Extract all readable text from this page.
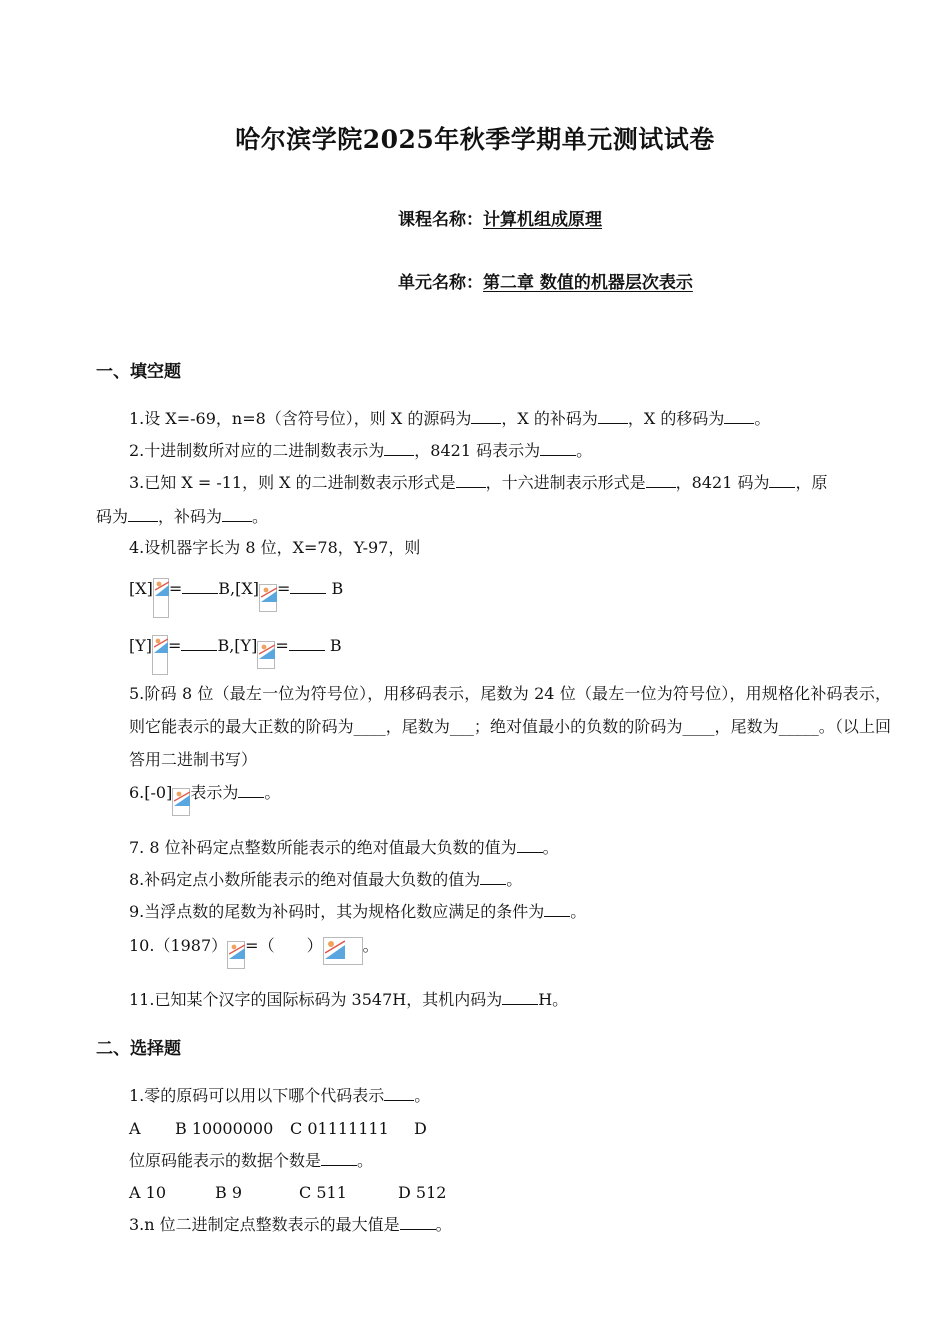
哈尔滨学院2025年秋季学期单元测试试卷
课程名称：计算机组成原理
单元名称：第二章 数值的机器层次表示
一、填空题
1.设 X=-69，n=8（含符号位），则 X 的源码为 ，X 的补码为 ，X 的移码为 。
2.十进制数所对应的二进制数表示为 ，8421 码表示为 。
3.已知 X = -11，则 X 的二进制数表示形式是 ，十六进制表示形式是 ，8421 码为 ，原
码为 ，补码为 。
4.设机器字长为 8 位，X=78，Y-97，则
[X] = B,[X] = B
[Y] = B,[Y] = B
5.阶码 8 位（最左一位为符号位），用移码表示，尾数为 24 位（最左一位为符号位），用规格化补码表示，则它能表示的最大正数的阶码为____，尾数为___；绝对值最小的负数的阶码为____，尾数为_____。（以上回答用二进制书写）
6.[-0] 表示为 。
7. 8 位补码定点整数所能表示的绝对值最大负数的值为 。
8.补码定点小数所能表示的绝对值最大负数的值为 。
9.当浮点数的尾数为补码时，其为规格化数应满足的条件为 。
10.（1987） =（　　）	。
11.已知某个汉字的国际标码为 3547H，其机内码为 H。
二、选择题
1.零的原码可以用以下哪个代码表示 。
A B 10000000 C 01111111 D
位原码能表示的数据个数是 。
A 10	B 9	C 511	D 512
3.n 位二进制定点整数表示的最大值是 。
